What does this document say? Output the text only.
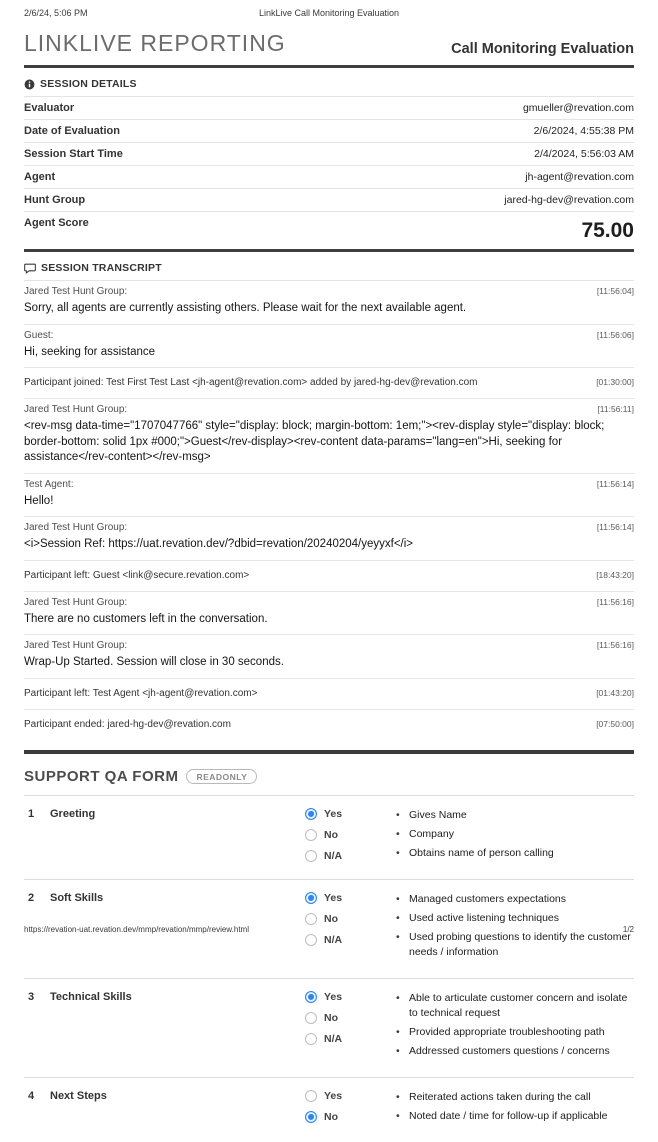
2/6/24, 5:06 PM	LinkLive Call Monitoring Evaluation
LINKLIVE REPORTING	Call Monitoring Evaluation
SESSION DETAILS
Evaluator	gmueller@revation.com
Date of Evaluation	2/6/2024, 4:55:38 PM
Session Start Time	2/4/2024, 5:56:03 AM
Agent	jh-agent@revation.com
Hunt Group	jared-hg-dev@revation.com
Agent Score	75.00
SESSION TRANSCRIPT
Jared Test Hunt Group:	[11:56:04]
Sorry, all agents are currently assisting others. Please wait for the next available agent.
Guest:	[11:56:06]
Hi, seeking for assistance
Participant joined: Test First Test Last <jh-agent@revation.com> added by jared-hg-dev@revation.com	[01:30:00]
Jared Test Hunt Group:	[11:56:11]
<rev-msg data-time="1707047766" style="display: block; margin-bottom: 1em;"><rev-display style="display: block; border-bottom: solid 1px #000;">Guest</rev-display><rev-content data-params="lang=en">Hi, seeking for assistance</rev-content></rev-msg>
Test Agent:	[11:56:14]
Hello!
Jared Test Hunt Group:	[11:56:14]
<i>Session Ref: https://uat.revation.dev/?dbid=revation/20240204/yeyyxf</i>
Participant left: Guest <link@secure.revation.com>	[18:43:20]
Jared Test Hunt Group:	[11:56:16]
There are no customers left in the conversation.
Jared Test Hunt Group:	[11:56:16]
Wrap-Up Started. Session will close in 30 seconds.
Participant left: Test Agent <jh-agent@revation.com>	[01:43:20]
Participant ended: jared-hg-dev@revation.com	[07:50:00]
SUPPORT QA FORM	READONLY
1	Greeting	Yes
No
N/A
• Gives Name
• Company
• Obtains name of person calling
2	Soft Skills	Yes
No
N/A
• Managed customers expectations
• Used active listening techniques
• Used probing questions to identify the customer needs / information
3	Technical Skills	Yes
No
N/A
• Able to articulate customer concern and isolate to technical request
• Provided appropriate troubleshooting path
• Addressed customers questions / concerns
4	Next Steps	Yes
No
• Reiterated actions taken during the call
• Noted date / time for follow-up if applicable
https://revation-uat.revation.dev/mmp/revation/mmp/review.html	1/2
